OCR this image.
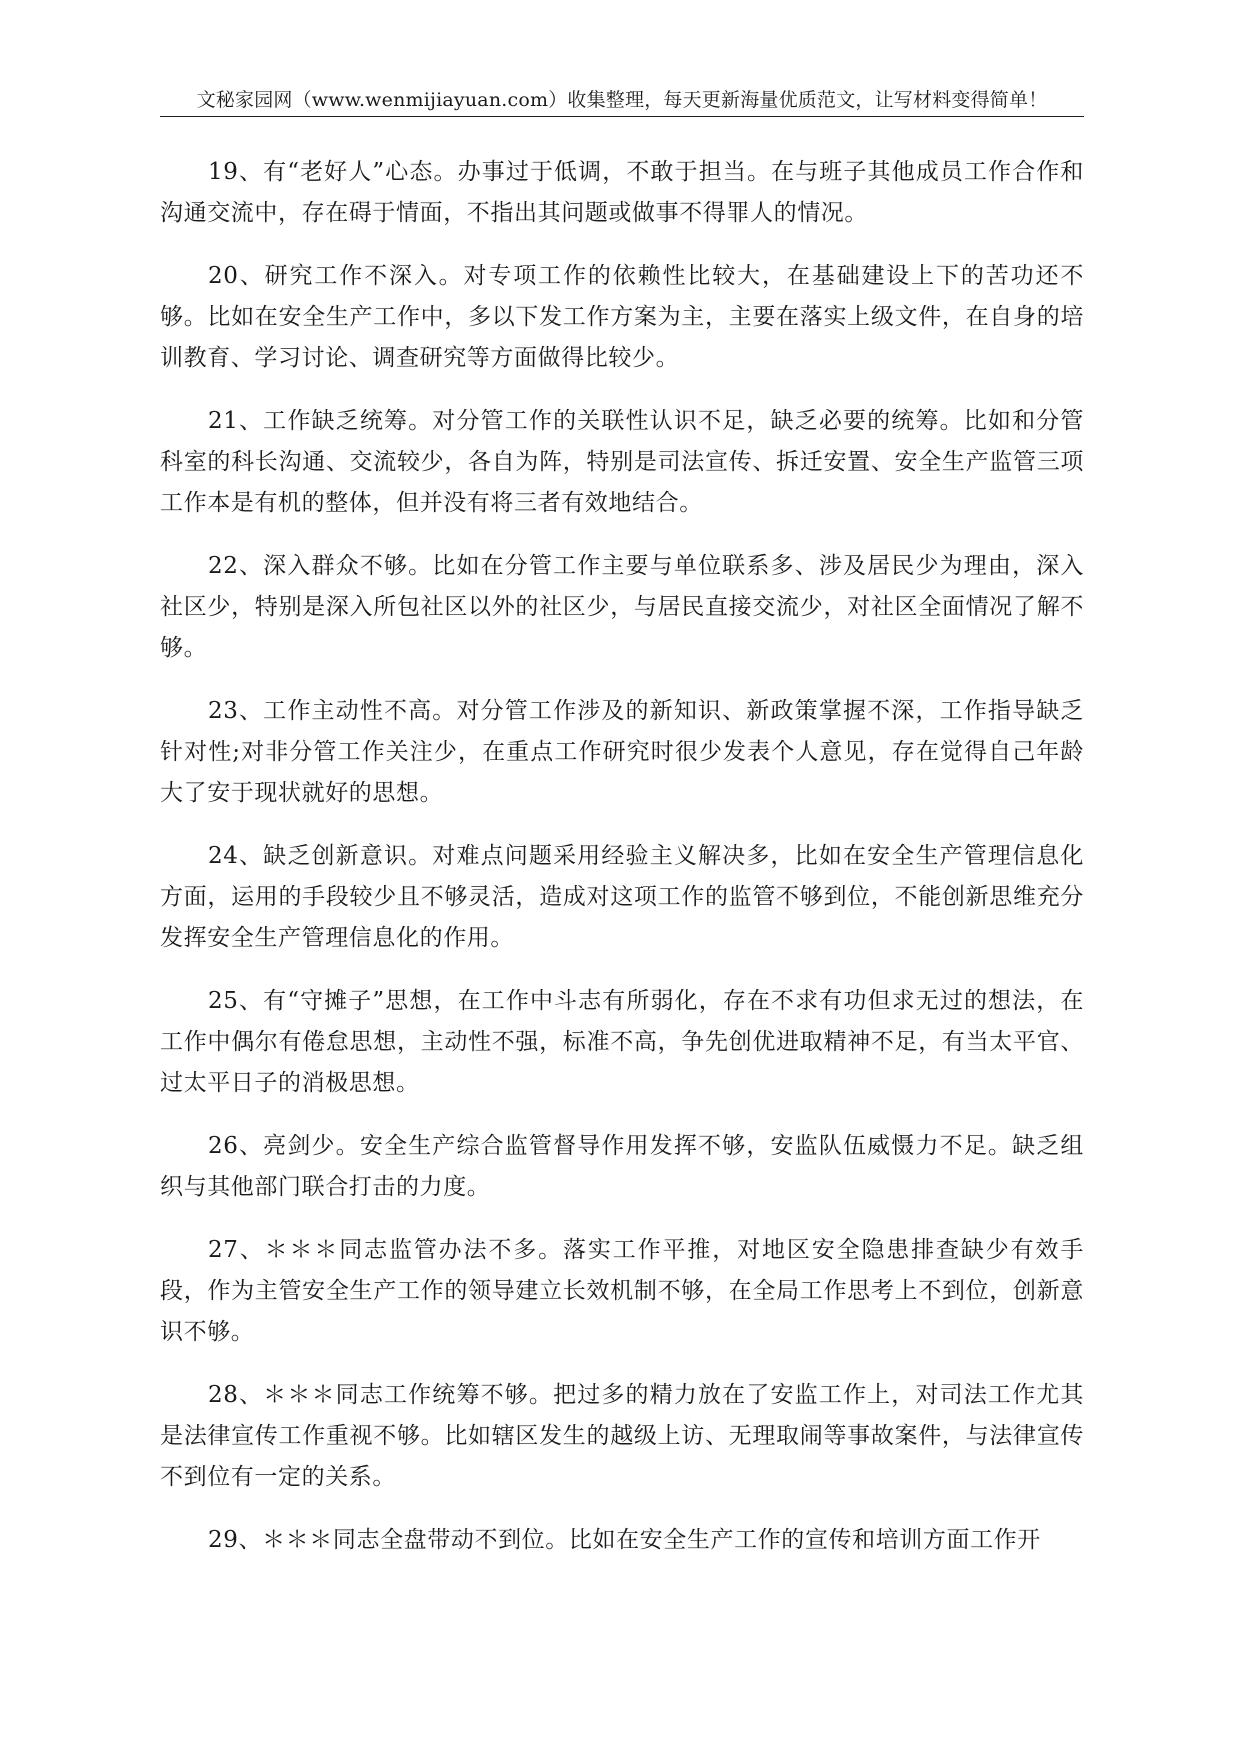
文秘家园网（www.wenmijiayuan.com）收集整理，每天更新海量优质范文，让写材料变得简单！

19、有“老好人”心态。办事过于低调，不敢于担当。在与班子其他成员工作合作和沟通交流中，存在碍于情面，不指出其问题或做事不得罪人的情况。

20、研究工作不深入。对专项工作的依赖性比较大，在基础建设上下的苦功还不够。比如在安全生产工作中，多以下发工作方案为主，主要在落实上级文件，在自身的培训教育、学习讨论、调查研究等方面做得比较少。

21、工作缺乏统筹。对分管工作的关联性认识不足，缺乏必要的统筹。比如和分管科室的科长沟通、交流较少，各自为阵，特别是司法宣传、拆迁安置、安全生产监管三项工作本是有机的整体，但并没有将三者有效地结合。

22、深入群众不够。比如在分管工作主要与单位联系多、涉及居民少为理由，深入社区少，特别是深入所包社区以外的社区少，与居民直接交流少，对社区全面情况了解不够。

23、工作主动性不高。对分管工作涉及的新知识、新政策掌握不深，工作指导缺乏针对性;对非分管工作关注少，在重点工作研究时很少发表个人意见，存在觉得自己年龄大了安于现状就好的思想。

24、缺乏创新意识。对难点问题采用经验主义解决多，比如在安全生产管理信息化方面，运用的手段较少且不够灵活，造成对这项工作的监管不够到位，不能创新思维充分发挥安全生产管理信息化的作用。

25、有“守摊子”思想，在工作中斗志有所弱化，存在不求有功但求无过的想法，在工作中偶尔有倦怠思想，主动性不强，标准不高，争先创优进取精神不足，有当太平官、过太平日子的消极思想。

26、亮剑少。安全生产综合监管督导作用发挥不够，安监队伍威慑力不足。缺乏组织与其他部门联合打击的力度。

27、＊＊＊同志监管办法不多。落实工作平推，对地区安全隐患排查缺少有效手段，作为主管安全生产工作的领导建立长效机制不够，在全局工作思考上不到位，创新意识不够。

28、＊＊＊同志工作统筹不够。把过多的精力放在了安监工作上，对司法工作尤其是法律宣传工作重视不够。比如辖区发生的越级上访、无理取闹等事故案件，与法律宣传不到位有一定的关系。

29、＊＊＊同志全盘带动不到位。比如在安全生产工作的宣传和培训方面工作开
